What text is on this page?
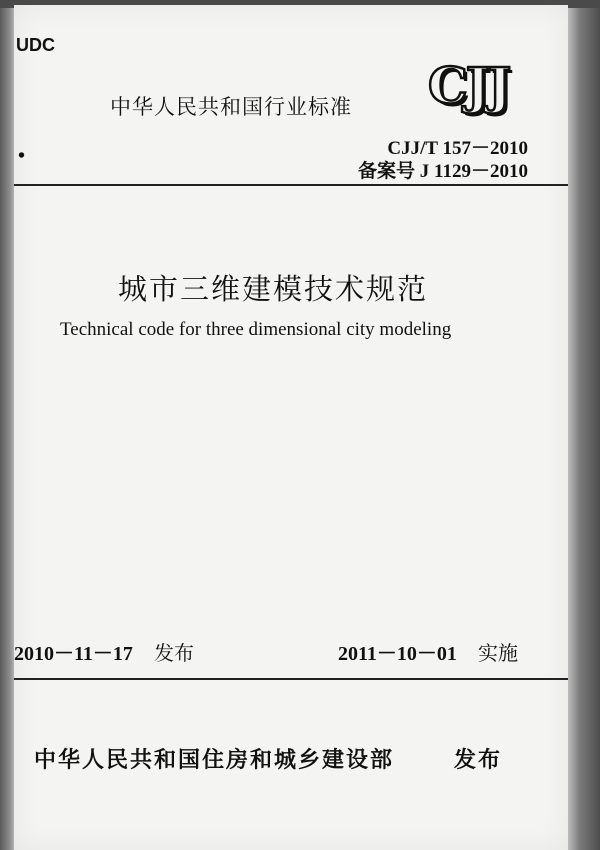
UDC
•
中华人民共和国行业标准 CJJ
CJJ/T 157－2010
备案号 J 1129－2010
城市三维建模技术规范
Technical code for three dimensional city modeling
2010－11－17 发布	2011－10－01 实施
中华人民共和国住房和城乡建设部	发布
